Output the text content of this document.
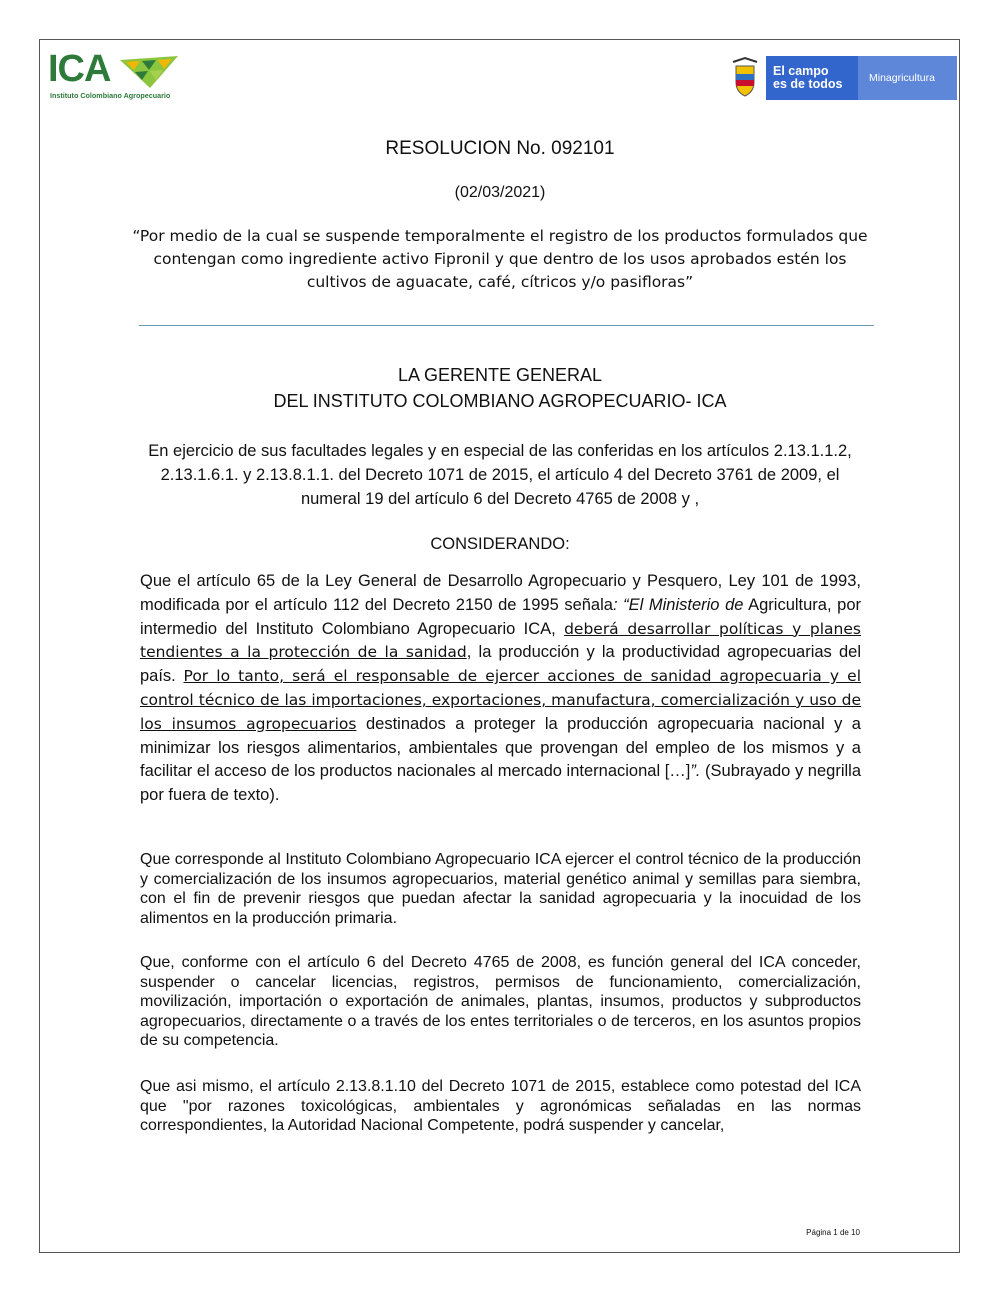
ICA
Instituto Colombiano Agropecuario
El campo
es de todos	Minagricultura
RESOLUCION No. 092101
(02/03/2021)
“Por medio de la cual se suspende temporalmente el registro de los productos formulados que contengan como ingrediente activo Fipronil y que dentro de los usos aprobados estén los cultivos de aguacate, café, cítricos y/o pasifloras”
LA GERENTE GENERAL
DEL INSTITUTO COLOMBIANO AGROPECUARIO- ICA
En ejercicio de sus facultades legales y en especial de las conferidas en los artículos 2.13.1.1.2, 2.13.1.6.1. y 2.13.8.1.1. del Decreto 1071 de 2015, el artículo 4 del Decreto 3761 de 2009, el numeral 19 del artículo 6 del Decreto 4765 de 2008 y ,
CONSIDERANDO:
Que el artículo 65 de la Ley General de Desarrollo Agropecuario y Pesquero, Ley 101 de 1993, modificada por el artículo 112 del Decreto 2150 de 1995 señala: “El Ministerio de Agricultura, por intermedio del Instituto Colombiano Agropecuario ICA, deberá desarrollar políticas y planes tendientes a la protección de la sanidad, la producción y la productividad agropecuarias del país. Por lo tanto, será el responsable de ejercer acciones de sanidad agropecuaria y el control técnico de las importaciones, exportaciones, manufactura, comercialización y uso de los insumos agropecuarios destinados a proteger la producción agropecuaria nacional y a minimizar los riesgos alimentarios, ambientales que provengan del empleo de los mismos y a facilitar el acceso de los productos nacionales al mercado internacional […]”. (Subrayado y negrilla por fuera de texto).
Que corresponde al Instituto Colombiano Agropecuario ICA ejercer el control técnico de la producción y comercialización de los insumos agropecuarios, material genético animal y semillas para siembra, con el fin de prevenir riesgos que puedan afectar la sanidad agropecuaria y la inocuidad de los alimentos en la producción primaria.
Que, conforme con el artículo 6 del Decreto 4765 de 2008, es función general del ICA conceder, suspender o cancelar licencias, registros, permisos de funcionamiento, comercialización, movilización, importación o exportación de animales, plantas, insumos, productos y subproductos agropecuarios, directamente o a través de los entes territoriales o de terceros, en los asuntos propios de su competencia.
Que asi mismo, el artículo 2.13.8.1.10 del Decreto 1071 de 2015, establece como potestad del ICA que "por razones toxicológicas, ambientales y agronómicas señaladas en las normas correspondientes, la Autoridad Nacional Competente, podrá suspender y cancelar,
Página 1 de 10
